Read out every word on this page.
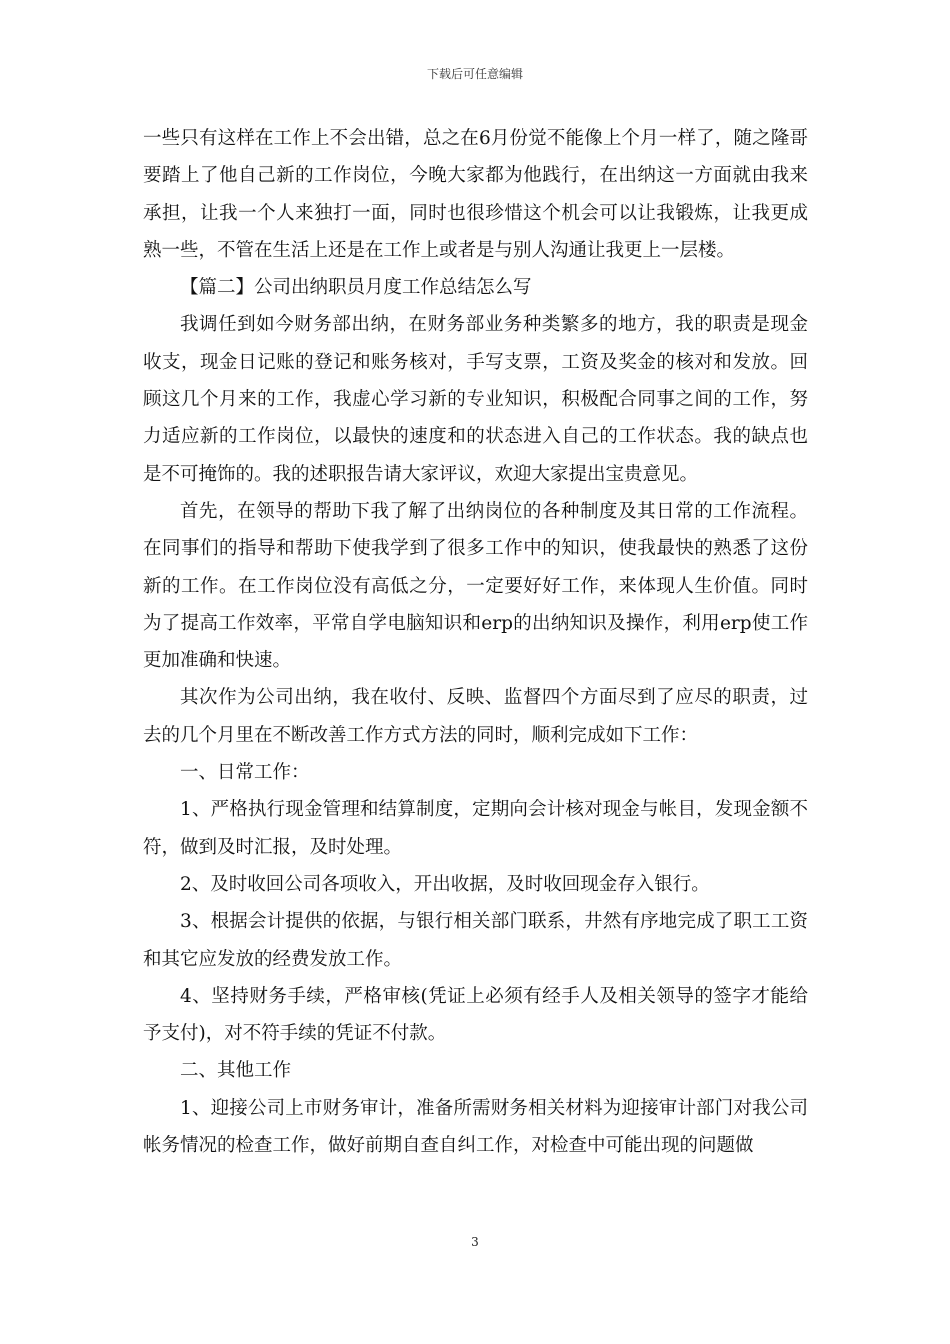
下载后可任意编辑

一些只有这样在工作上不会出错，总之在6月份觉不能像上个月一样了，随之隆哥要踏上了他自己新的工作岗位，今晚大家都为他践行，在出纳这一方面就由我来承担，让我一个人来独打一面，同时也很珍惜这个机会可以让我锻炼，让我更成熟一些，不管在生活上还是在工作上或者是与别人沟通让我更上一层楼。

【篇二】公司出纳职员月度工作总结怎么写

我调任到如今财务部出纳，在财务部业务种类繁多的地方，我的职责是现金收支，现金日记账的登记和账务核对，手写支票，工资及奖金的核对和发放。回顾这几个月来的工作，我虚心学习新的专业知识，积极配合同事之间的工作，努力适应新的工作岗位，以最快的速度和的状态进入自己的工作状态。我的缺点也是不可掩饰的。我的述职报告请大家评议，欢迎大家提出宝贵意见。

首先，在领导的帮助下我了解了出纳岗位的各种制度及其日常的工作流程。在同事们的指导和帮助下使我学到了很多工作中的知识，使我最快的熟悉了这份新的工作。在工作岗位没有高低之分，一定要好好工作，来体现人生价值。同时为了提高工作效率，平常自学电脑知识和erp的出纳知识及操作，利用erp使工作更加准确和快速。

其次作为公司出纳，我在收付、反映、监督四个方面尽到了应尽的职责，过去的几个月里在不断改善工作方式方法的同时，顺利完成如下工作：

一、日常工作：

1、严格执行现金管理和结算制度，定期向会计核对现金与帐目，发现金额不符，做到及时汇报，及时处理。

2、及时收回公司各项收入，开出收据，及时收回现金存入银行。

3、根据会计提供的依据，与银行相关部门联系，井然有序地完成了职工工资和其它应发放的经费发放工作。

4、坚持财务手续，严格审核(凭证上必须有经手人及相关领导的签字才能给予支付)，对不符手续的凭证不付款。

二、其他工作

1、迎接公司上市财务审计，准备所需财务相关材料为迎接审计部门对我公司帐务情况的检查工作，做好前期自查自纠工作，对检查中可能出现的问题做

3
